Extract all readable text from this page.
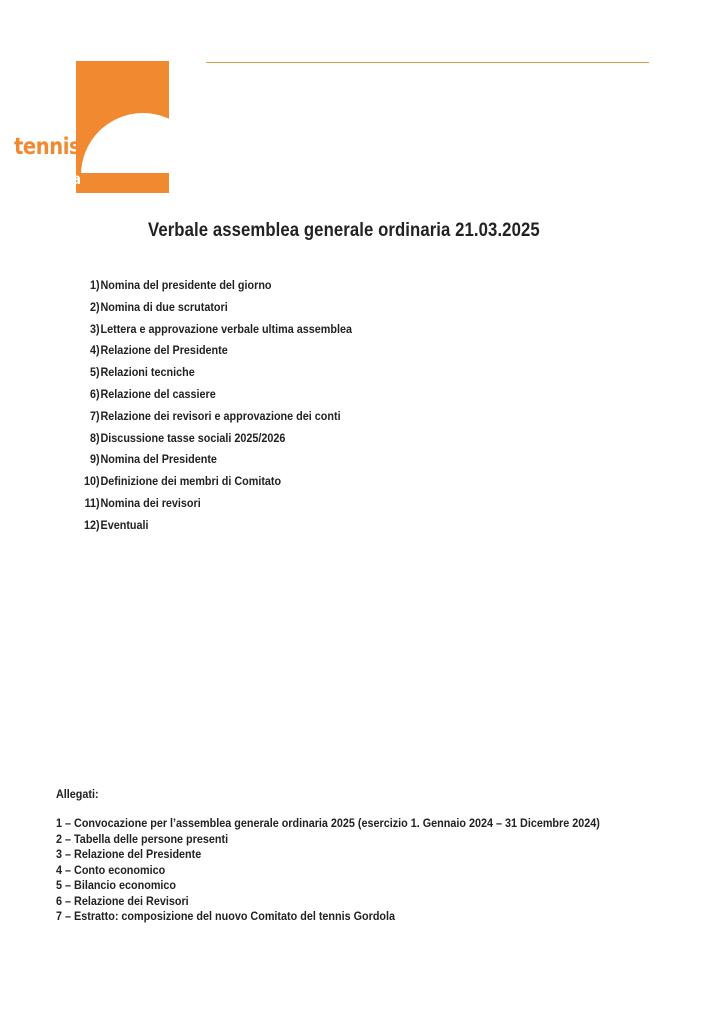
tennis
gordola
Verbale assemblea generale ordinaria 21.03.2025
1) Nomina del presidente del giorno
2) Nomina di due scrutatori
3) Lettera e approvazione verbale ultima assemblea
4) Relazione del Presidente
5) Relazioni tecniche
6) Relazione del cassiere
7) Relazione dei revisori e approvazione dei conti
8) Discussione tasse sociali 2025/2026
9) Nomina del Presidente
10) Definizione dei membri di Comitato
11) Nomina dei revisori
12) Eventuali
Allegati:
1 – Convocazione per l’assemblea generale ordinaria 2025 (esercizio 1. Gennaio 2024 – 31 Dicembre 2024)
2 – Tabella delle persone presenti
3 – Relazione del Presidente
4 – Conto economico
5 – Bilancio economico
6 – Relazione dei Revisori
7 – Estratto: composizione del nuovo Comitato del tennis Gordola
